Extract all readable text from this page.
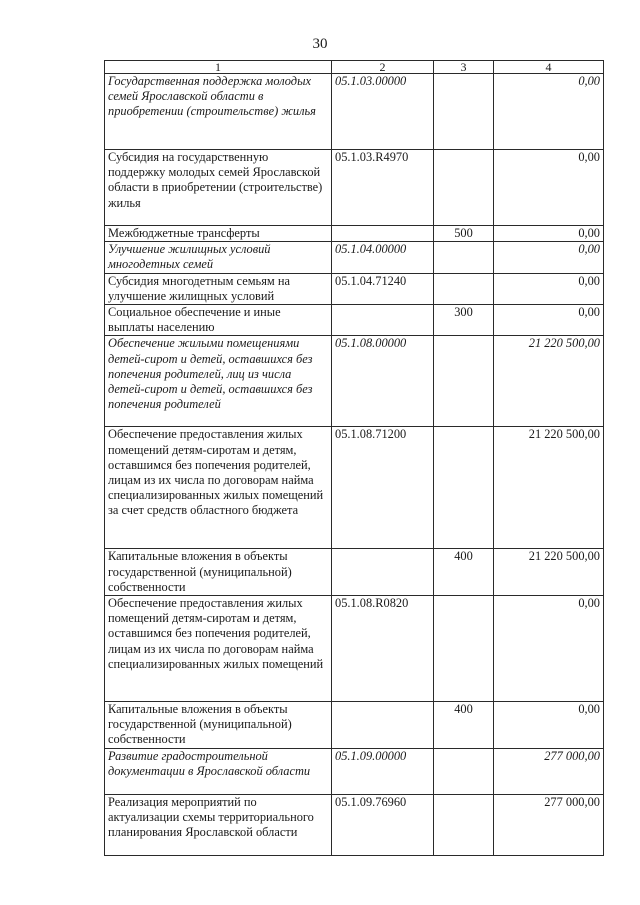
30
1	2	3	4
Государственная поддержка молодых семей Ярославской области в приобретении (строительстве) жилья	05.1.03.00000		0,00
Субсидия на государственную поддержку молодых семей Ярославской области в приобретении (строительстве) жилья	05.1.03.R4970		0,00
Межбюджетные трансферты		500	0,00
Улучшение жилищных условий многодетных семей	05.1.04.00000		0,00
Субсидия многодетным семьям на улучшение жилищных условий	05.1.04.71240		0,00
Социальное обеспечение и иные выплаты населению		300	0,00
Обеспечение жилыми помещениями детей-сирот и детей, оставшихся без попечения родителей, лиц из числа детей-сирот и детей, оставшихся без попечения родителей	05.1.08.00000		21 220 500,00
Обеспечение предоставления жилых помещений детям-сиротам и детям, оставшимся без попечения родителей, лицам из их числа по договорам найма специализированных жилых помещений за счет средств областного бюджета	05.1.08.71200		21 220 500,00
Капитальные вложения в объекты государственной (муниципальной) собственности		400	21 220 500,00
Обеспечение предоставления жилых помещений детям-сиротам и детям, оставшимся без попечения родителей, лицам из их числа по договорам найма специализированных жилых помещений	05.1.08.R0820		0,00
Капитальные вложения в объекты государственной (муниципальной) собственности		400	0,00
Развитие градостроительной документации в Ярославской области	05.1.09.00000		277 000,00
Реализация мероприятий по актуализации схемы территориального планирования Ярославской области	05.1.09.76960		277 000,00
